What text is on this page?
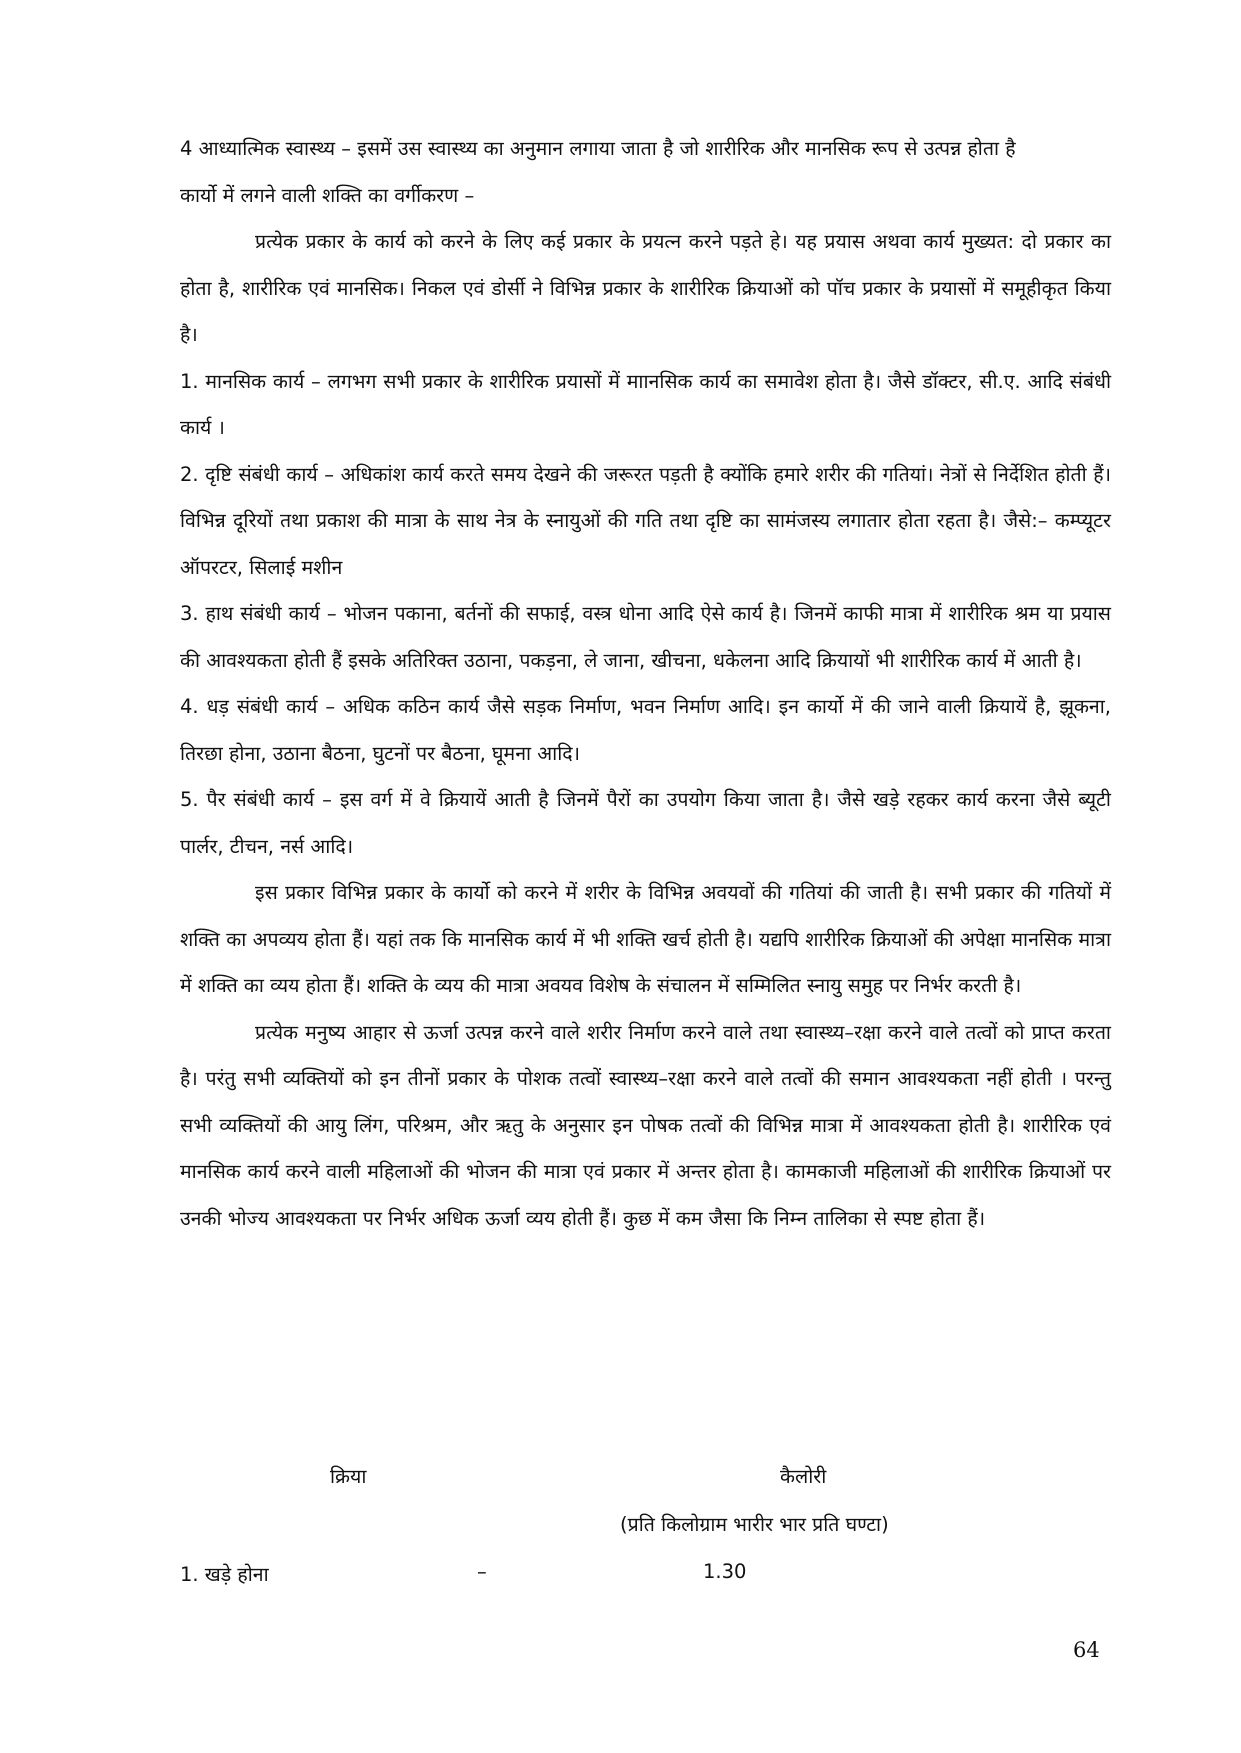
4 आध्यात्मिक स्वास्थ्य – इसमें उस स्वास्थ्य का अनुमान लगाया जाता है जो शारीरिक और मानसिक रूप से उत्पन्न होता है

कार्यो में लगने वाली शक्ति का वर्गीकरण –

प्रत्येक प्रकार के कार्य को करने के लिए कई प्रकार के प्रयत्न करने पड़ते हे। यह प्रयास अथवा कार्य मुख्यत: दो प्रकार का होता है, शारीरिक एवं मानसिक। निकल एवं डोर्सी ने विभिन्न प्रकार के शारीरिक क्रियाओं को पॉच प्रकार के प्रयासों में समूहीकृत किया है।

1. मानसिक कार्य – लगभग सभी प्रकार के शारीरिक प्रयासों में माानसिक कार्य का समावेश होता है। जैसे डॉक्टर, सी.ए. आदि संबंधी कार्य ।

2. दृष्टि संबंधी कार्य – अधिकांश कार्य करते समय देखने की जरूरत पड़ती है क्योंकि हमारे शरीर की गतियां। नेत्रों से निर्देशित होती हैं। विभिन्न दूरियों तथा प्रकाश की मात्रा के साथ नेत्र के स्नायुओं की गति तथा दृष्टि का सामंजस्य लगातार होता रहता है। जैसे:– कम्प्यूटर ऑपरटर, सिलाई मशीन

3. हाथ संबंधी कार्य – भोजन पकाना, बर्तनों की सफाई, वस्त्र धोना आदि ऐसे कार्य है। जिनमें काफी मात्रा में शारीरिक श्रम या प्रयास की आवश्यकता होती हैं इसके अतिरिक्त उठाना, पकड़ना, ले जाना, खीचना, धकेलना आदि क्रियायों भी शारीरिक कार्य में आती है।

4. धड़ संबंधी कार्य – अधिक कठिन कार्य जैसे सड़क निर्माण, भवन निर्माण आदि। इन कार्यो में की जाने वाली क्रियायें है, झूकना, तिरछा होना, उठाना बैठना, घुटनों पर बैठना, घूमना आदि।

5. पैर संबंधी कार्य – इस वर्ग में वे क्रियायें आती है जिनमें पैरों का उपयोग किया जाता है। जैसे खड़े रहकर कार्य करना जैसे ब्यूटी पार्लर, टीचन, नर्स आदि।

इस प्रकार विभिन्न प्रकार के कार्यो को करने में शरीर के विभिन्न अवयवों की गतियां की जाती है। सभी प्रकार की गतियों में शक्ति का अपव्यय होता हैं। यहां तक कि मानसिक कार्य में भी शक्ति खर्च होती है। यद्यपि शारीरिक क्रियाओं की अपेक्षा मानसिक मात्रा में शक्ति का व्यय होता हैं। शक्ति के व्यय की मात्रा अवयव विशेष के संचालन में सम्मिलित स्नायु समुह पर निर्भर करती है।

प्रत्येक मनुष्य आहार से ऊर्जा उत्पन्न करने वाले शरीर निर्माण करने वाले तथा स्वास्थ्य–रक्षा करने वाले तत्वों को प्राप्त करता है। परंतु सभी व्यक्तियों को इन तीनों प्रकार के पोशक तत्वों स्वास्थ्य–रक्षा करने वाले तत्वों की समान आवश्यकता नहीं होती । परन्तु सभी व्यक्तियों की आयु लिंग, परिश्रम, और ऋतु के अनुसार इन पोषक तत्वों की विभिन्न मात्रा में आवश्यकता होती है। शारीरिक एवं मानसिक कार्य करने वाली महिलाओं की भोजन की मात्रा एवं प्रकार में अन्तर होता है। कामकाजी महिलाओं की शारीरिक क्रियाओं पर उनकी भोज्य आवश्यकता पर निर्भर अधिक ऊर्जा व्यय होती हैं। कुछ में कम जैसा कि निम्न तालिका से स्पष्ट होता हैं।

क्रिया	कैलोरी
(प्रति किलोग्राम भारीर भार प्रति घण्टा)
1. खड़े होना	–	1.30
64
